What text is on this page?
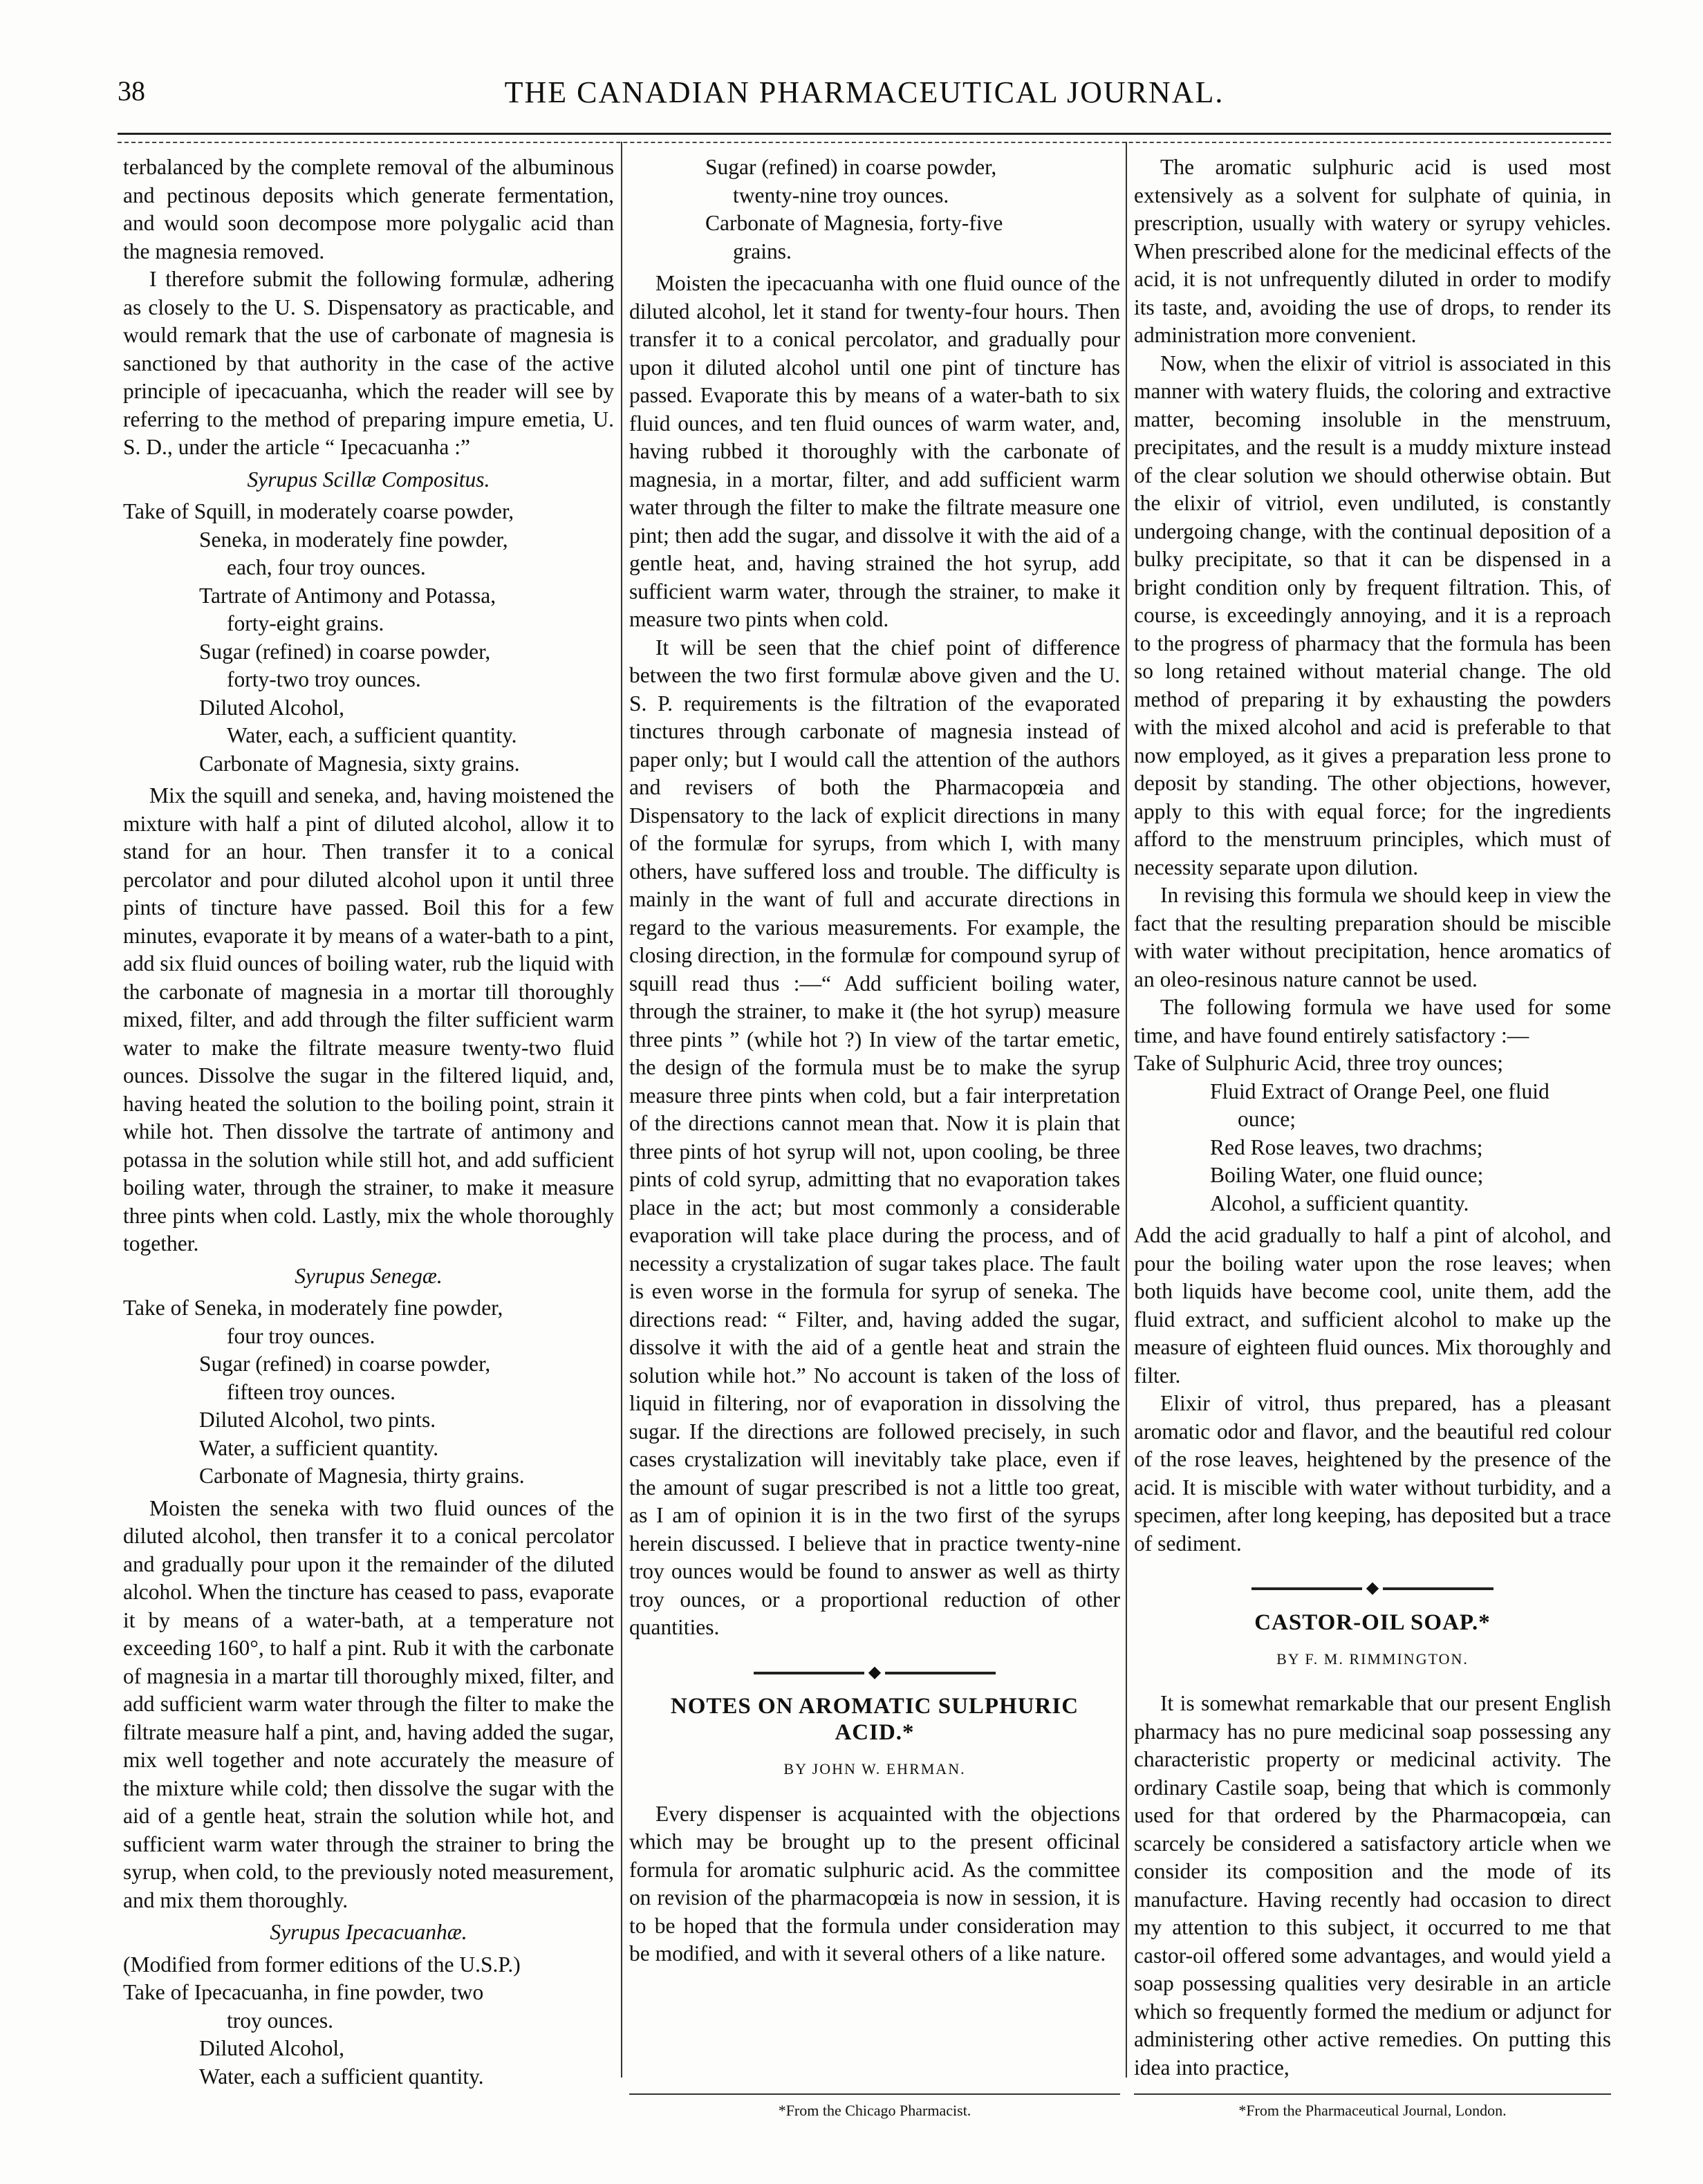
38	THE CANADIAN PHARMACEUTICAL JOURNAL.

terbalanced by the complete removal of the albuminous and pectinous deposits which generate fermentation, and would soon decompose more polygalic acid than the magnesia removed.

I therefore submit the following formulæ, adhering as closely to the U. S. Dispensatory as practicable, and would remark that the use of carbonate of magnesia is sanctioned by that authority in the case of the active principle of ipecacuanha, which the reader will see by referring to the method of preparing impure emetia, U. S. D., under the article “ Ipecacuanha :”

Syrupus Scillæ Compositus.
Take of Squill, in moderately coarse powder,
Seneka, in moderately fine powder,
each, four troy ounces.
Tartrate of Antimony and Potassa,
forty-eight grains.
Sugar (refined) in coarse powder,
forty-two troy ounces.
Diluted Alcohol,
Water, each, a sufficient quantity.
Carbonate of Magnesia, sixty grains.

Mix the squill and seneka, and, having moistened the mixture with half a pint of diluted alcohol, allow it to stand for an hour. Then transfer it to a conical percolator and pour diluted alcohol upon it until three pints of tincture have passed. Boil this for a few minutes, evaporate it by means of a water-bath to a pint, add six fluid ounces of boiling water, rub the liquid with the carbonate of magnesia in a mortar till thoroughly mixed, filter, and add through the filter sufficient warm water to make the filtrate measure twenty-two fluid ounces. Dissolve the sugar in the filtered liquid, and, having heated the solution to the boiling point, strain it while hot. Then dissolve the tartrate of antimony and potassa in the solution while still hot, and add sufficient boiling water, through the strainer, to make it measure three pints when cold. Lastly, mix the whole thoroughly together.

Syrupus Senegæ.
Take of Seneka, in moderately fine powder,
four troy ounces.
Sugar (refined) in coarse powder,
fifteen troy ounces.
Diluted Alcohol, two pints.
Water, a sufficient quantity.
Carbonate of Magnesia, thirty grains.

Moisten the seneka with two fluid ounces of the diluted alcohol, then transfer it to a conical percolator and gradually pour upon it the remainder of the diluted alcohol. When the tincture has ceased to pass, evaporate it by means of a water-bath, at a temperature not exceeding 160°, to half a pint. Rub it with the carbonate of magnesia in a martar till thoroughly mixed, filter, and add sufficient warm water through the filter to make the filtrate measure half a pint, and, having added the sugar, mix well together and note accurately the measure of the mixture while cold; then dissolve the sugar with the aid of a gentle heat, strain the solution while hot, and sufficient warm water through the strainer to bring the syrup, when cold, to the previously noted measurement, and mix them thoroughly.

Syrupus Ipecacuanhæ.
(Modified from former editions of the U.S.P.)
Take of Ipecacuanha, in fine powder, two
troy ounces.
Diluted Alcohol,
Water, each a sufficient quantity.
Sugar (refined) in coarse powder,
twenty-nine troy ounces.
Carbonate of Magnesia, forty-five
grains.

Moisten the ipecacuanha with one fluid ounce of the diluted alcohol, let it stand for twenty-four hours. Then transfer it to a conical percolator, and gradually pour upon it diluted alcohol until one pint of tincture has passed. Evaporate this by means of a water-bath to six fluid ounces, and ten fluid ounces of warm water, and, having rubbed it thoroughly with the carbonate of magnesia, in a mortar, filter, and add sufficient warm water through the filter to make the filtrate measure one pint; then add the sugar, and dissolve it with the aid of a gentle heat, and, having strained the hot syrup, add sufficient warm water, through the strainer, to make it measure two pints when cold.

It will be seen that the chief point of difference between the two first formulæ above given and the U. S. P. requirements is the filtration of the evaporated tinctures through carbonate of magnesia instead of paper only; but I would call the attention of the authors and revisers of both the Pharmacopœia and Dispensatory to the lack of explicit directions in many of the formulæ for syrups, from which I, with many others, have suffered loss and trouble. The difficulty is mainly in the want of full and accurate directions in regard to the various measurements. For example, the closing direction, in the formulæ for compound syrup of squill read thus :—“ Add sufficient boiling water, through the strainer, to make it (the hot syrup) measure three pints ” (while hot ?) In view of the tartar emetic, the design of the formula must be to make the syrup measure three pints when cold, but a fair interpretation of the directions cannot mean that. Now it is plain that three pints of hot syrup will not, upon cooling, be three pints of cold syrup, admitting that no evaporation takes place in the act; but most commonly a considerable evaporation will take place during the process, and of necessity a crystalization of sugar takes place. The fault is even worse in the formula for syrup of seneka. The directions read: “ Filter, and, having added the sugar, dissolve it with the aid of a gentle heat and strain the solution while hot.” No account is taken of the loss of liquid in filtering, nor of evaporation in dissolving the sugar. If the directions are followed precisely, in such cases crystalization will inevitably take place, even if the amount of sugar prescribed is not a little too great, as I am of opinion it is in the two first of the syrups herein discussed. I believe that in practice twenty-nine troy ounces would be found to answer as well as thirty troy ounces, or a proportional reduction of other quantities.

◆
NOTES ON AROMATIC SULPHURIC ACID.*
BY JOHN W. EHRMAN.

Every dispenser is acquainted with the objections which may be brought up to the present officinal formula for aromatic sulphuric acid. As the committee on revision of the pharmacopœia is now in session, it is to be hoped that the formula under consideration may be modified, and with it several others of a like nature.

The aromatic sulphuric acid is used most extensively as a solvent for sulphate of quinia, in prescription, usually with watery or syrupy vehicles. When prescribed alone for the medicinal effects of the acid, it is not unfrequently diluted in order to modify its taste, and, avoiding the use of drops, to render its administration more convenient.

Now, when the elixir of vitriol is associated in this manner with watery fluids, the coloring and extractive matter, becoming insoluble in the menstruum, precipitates, and the result is a muddy mixture instead of the clear solution we should otherwise obtain. But the elixir of vitriol, even undiluted, is constantly undergoing change, with the continual deposition of a bulky precipitate, so that it can be dispensed in a bright condition only by frequent filtration. This, of course, is exceedingly annoying, and it is a reproach to the progress of pharmacy that the formula has been so long retained without material change. The old method of preparing it by exhausting the powders with the mixed alcohol and acid is preferable to that now employed, as it gives a preparation less prone to deposit by standing. The other objections, however, apply to this with equal force; for the ingredients afford to the menstruum principles, which must of necessity separate upon dilution.

In revising this formula we should keep in view the fact that the resulting preparation should be miscible with water without precipitation, hence aromatics of an oleo-resinous nature cannot be used.

The following formula we have used for some time, and have found entirely satisfactory :—

Take of Sulphuric Acid, three troy ounces;
Fluid Extract of Orange Peel, one fluid
ounce;
Red Rose leaves, two drachms;
Boiling Water, one fluid ounce;
Alcohol, a sufficient quantity.

Add the acid gradually to half a pint of alcohol, and pour the boiling water upon the rose leaves; when both liquids have become cool, unite them, add the fluid extract, and sufficient alcohol to make up the measure of eighteen fluid ounces. Mix thoroughly and filter.

Elixir of vitrol, thus prepared, has a pleasant aromatic odor and flavor, and the beautiful red colour of the rose leaves, heightened by the presence of the acid. It is miscible with water without turbidity, and a specimen, after long keeping, has deposited but a trace of sediment.

◆
CASTOR-OIL SOAP.*
BY F. M. RIMMINGTON.

It is somewhat remarkable that our present English pharmacy has no pure medicinal soap possessing any characteristic property or medicinal activity. The ordinary Castile soap, being that which is commonly used for that ordered by the Pharmacopœia, can scarcely be considered a satisfactory article when we consider its composition and the mode of its manufacture. Having recently had occasion to direct my attention to this subject, it occurred to me that castor-oil offered some advantages, and would yield a soap possessing qualities very desirable in an article which so frequently formed the medium or adjunct for administering other active remedies. On putting this idea into practice,

*From the Chicago Pharmacist.	*From the Pharmaceutical Journal, London.
